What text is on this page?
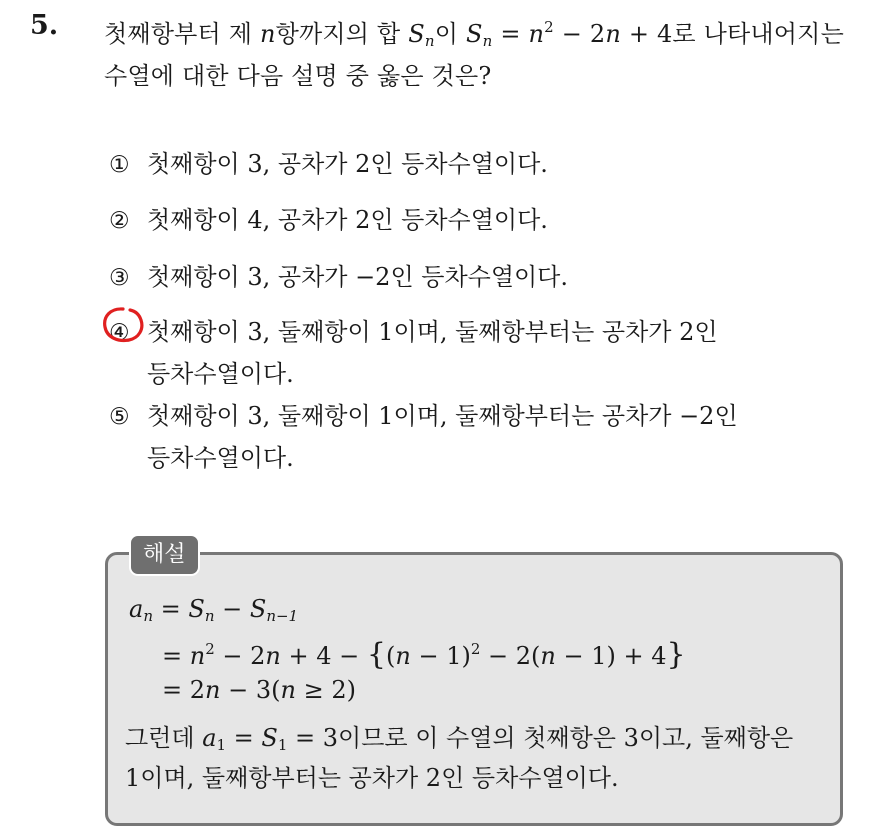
5. 첫째항부터 제 n항까지의 합 $S_n$이 $S_n = n^2 - 2n + 4$로 나타내어지는
수열에 대한 다음 설명 중 옳은 것은?
① 첫째항이 3, 공차가 2인 등차수열이다.
② 첫째항이 4, 공차가 2인 등차수열이다.
③ 첫째항이 3, 공차가 −2인 등차수열이다.
④ 첫째항이 3, 둘째항이 1이며, 둘째항부터는 공차가 2인
등차수열이다.
⑤ 첫째항이 3, 둘째항이 1이며, 둘째항부터는 공차가 −2인
등차수열이다.
해설
$a_n = S_n - S_{n-1}$
= $n^2 - 2n + 4 - \{(n - 1)^2 - 2(n - 1) + 4\}$
= 2n − 3(n ≥ 2)
그런데 $a_1 = S_1 = 3$이므로 이 수열의 첫째항은 3이고, 둘째항은
1이며, 둘째항부터는 공차가 2인 등차수열이다.
